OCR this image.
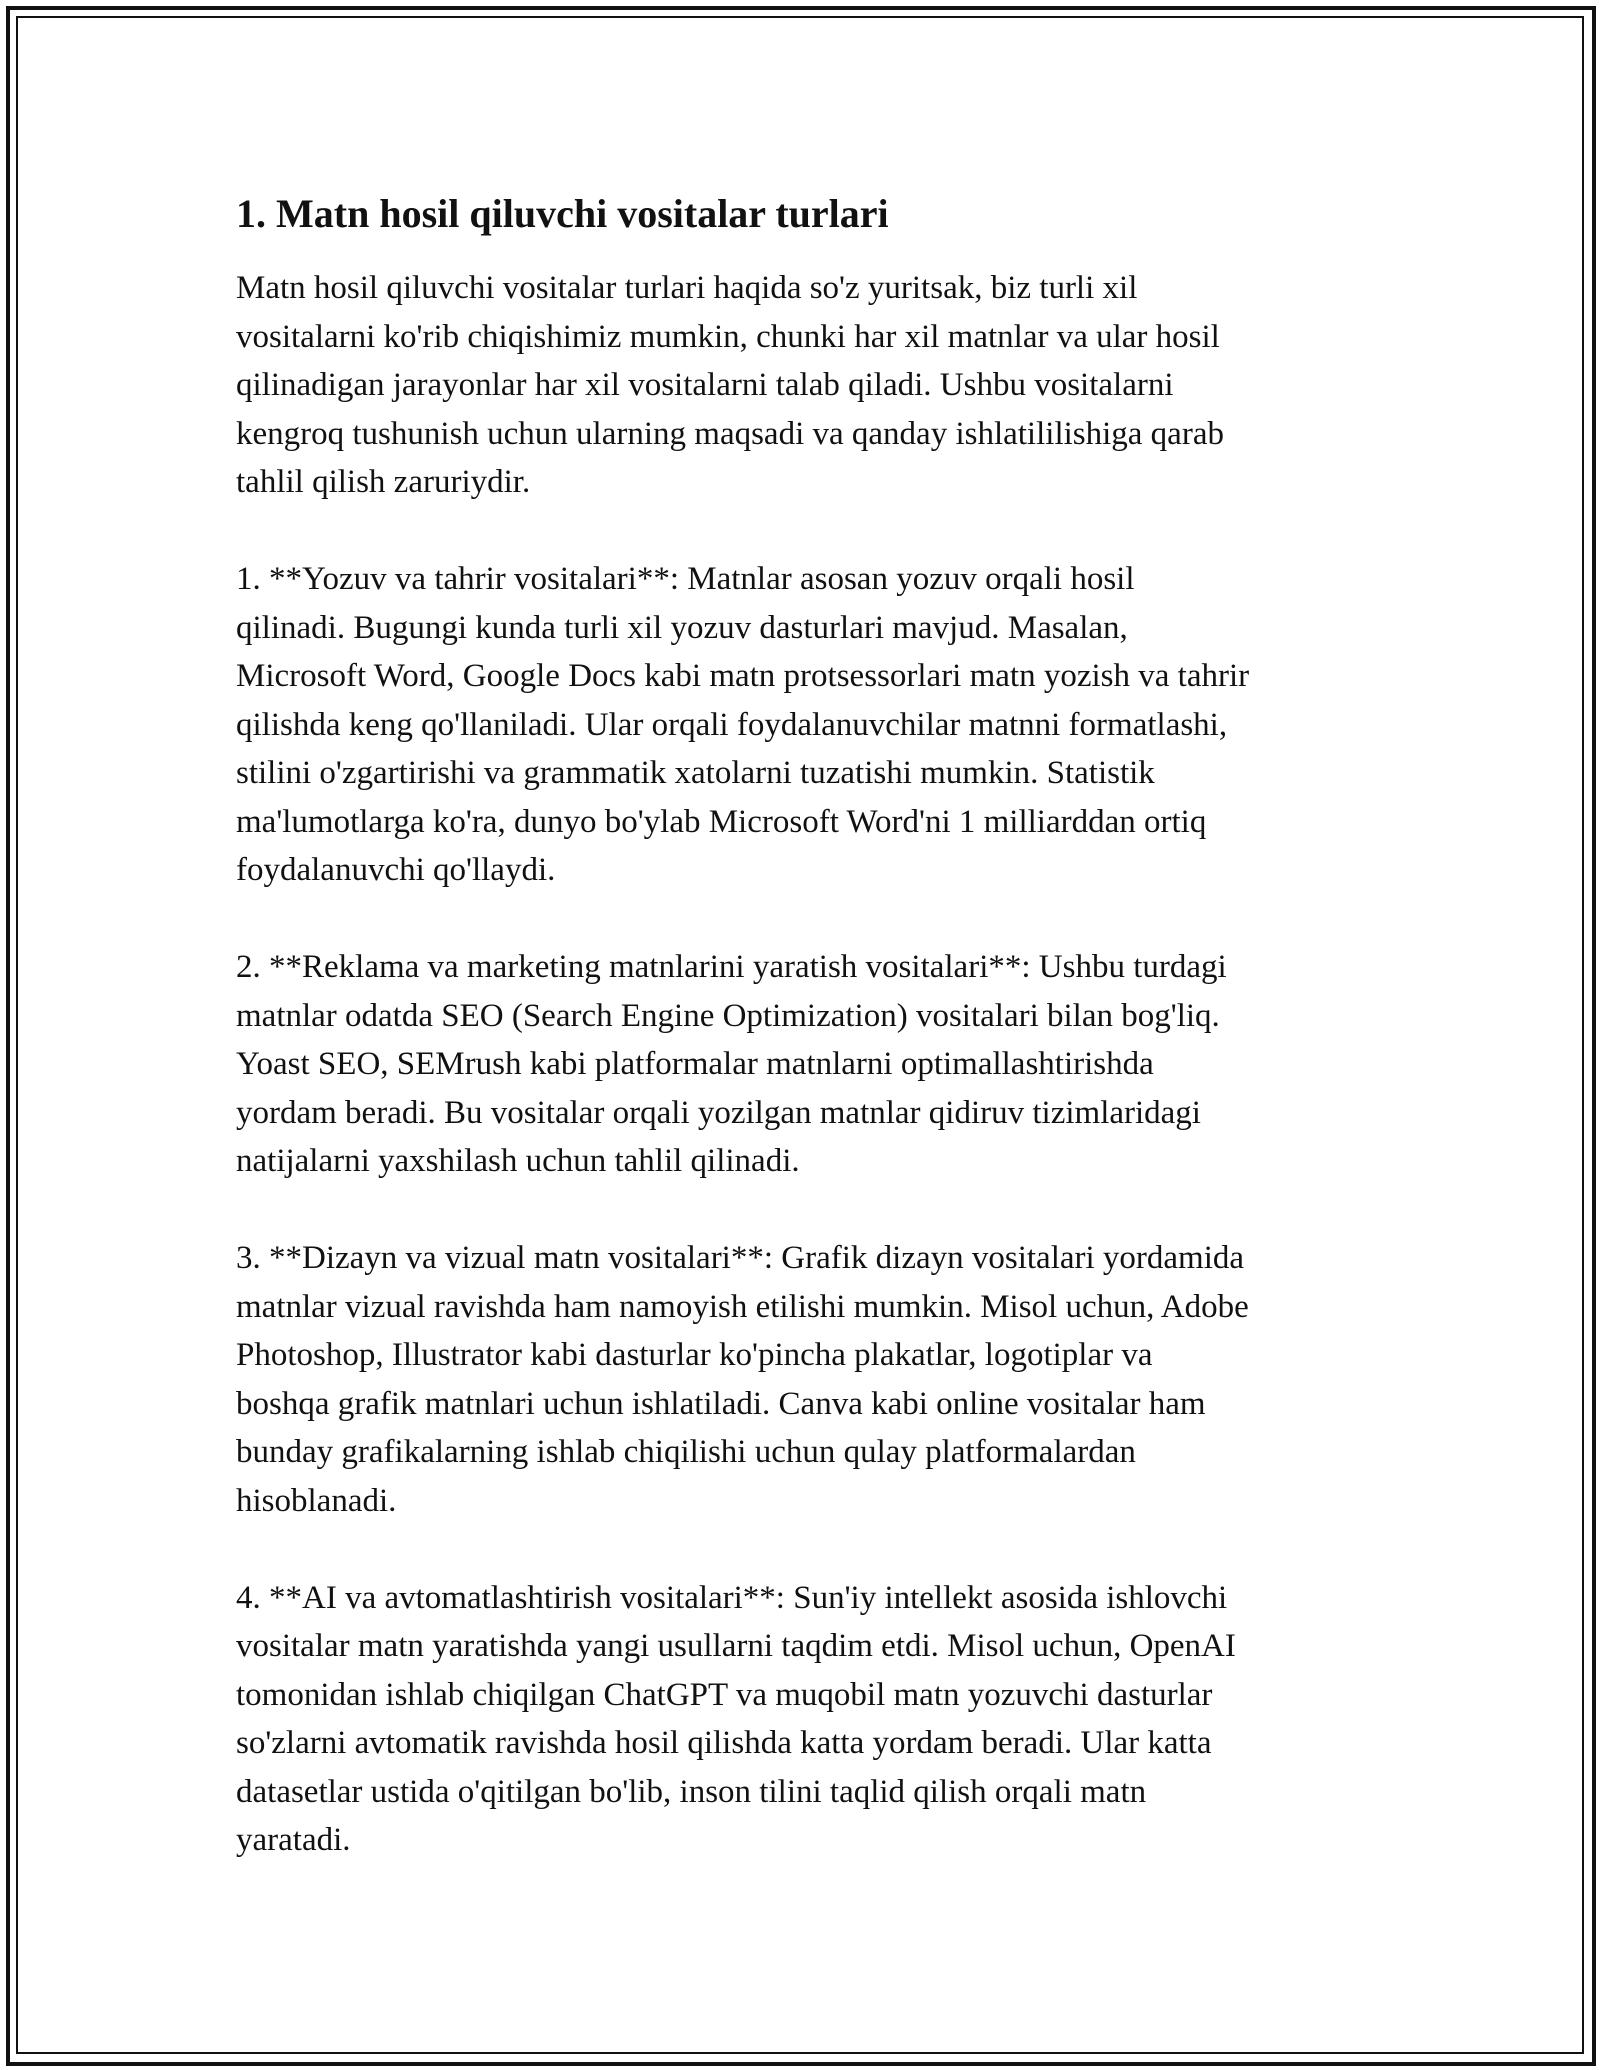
1. Matn hosil qiluvchi vositalar turlari

Matn hosil qiluvchi vositalar turlari haqida so'z yuritsak, biz turli xil
vositalarni ko'rib chiqishimiz mumkin, chunki har xil matnlar va ular hosil
qilinadigan jarayonlar har xil vositalarni talab qiladi. Ushbu vositalarni
kengroq tushunish uchun ularning maqsadi va qanday ishlatililishiga qarab
tahlil qilish zaruriydir.

1. **Yozuv va tahrir vositalari**: Matnlar asosan yozuv orqali hosil
qilinadi. Bugungi kunda turli xil yozuv dasturlari mavjud. Masalan,
Microsoft Word, Google Docs kabi matn protsessorlari matn yozish va tahrir
qilishda keng qo'llaniladi. Ular orqali foydalanuvchilar matnni formatlashi,
stilini o'zgartirishi va grammatik xatolarni tuzatishi mumkin. Statistik
ma'lumotlarga ko'ra, dunyo bo'ylab Microsoft Word'ni 1 milliarddan ortiq
foydalanuvchi qo'llaydi.

2. **Reklama va marketing matnlarini yaratish vositalari**: Ushbu turdagi
matnlar odatda SEO (Search Engine Optimization) vositalari bilan bog'liq.
Yoast SEO, SEMrush kabi platformalar matnlarni optimallashtirishda
yordam beradi. Bu vositalar orqali yozilgan matnlar qidiruv tizimlaridagi
natijalarni yaxshilash uchun tahlil qilinadi.

3. **Dizayn va vizual matn vositalari**: Grafik dizayn vositalari yordamida
matnlar vizual ravishda ham namoyish etilishi mumkin. Misol uchun, Adobe
Photoshop, Illustrator kabi dasturlar ko'pincha plakatlar, logotiplar va
boshqa grafik matnlari uchun ishlatiladi. Canva kabi online vositalar ham
bunday grafikalarning ishlab chiqilishi uchun qulay platformalardan
hisoblanadi.

4. **AI va avtomatlashtirish vositalari**: Sun'iy intellekt asosida ishlovchi
vositalar matn yaratishda yangi usullarni taqdim etdi. Misol uchun, OpenAI
tomonidan ishlab chiqilgan ChatGPT va muqobil matn yozuvchi dasturlar
so'zlarni avtomatik ravishda hosil qilishda katta yordam beradi. Ular katta
datasetlar ustida o'qitilgan bo'lib, inson tilini taqlid qilish orqali matn
yaratadi.
